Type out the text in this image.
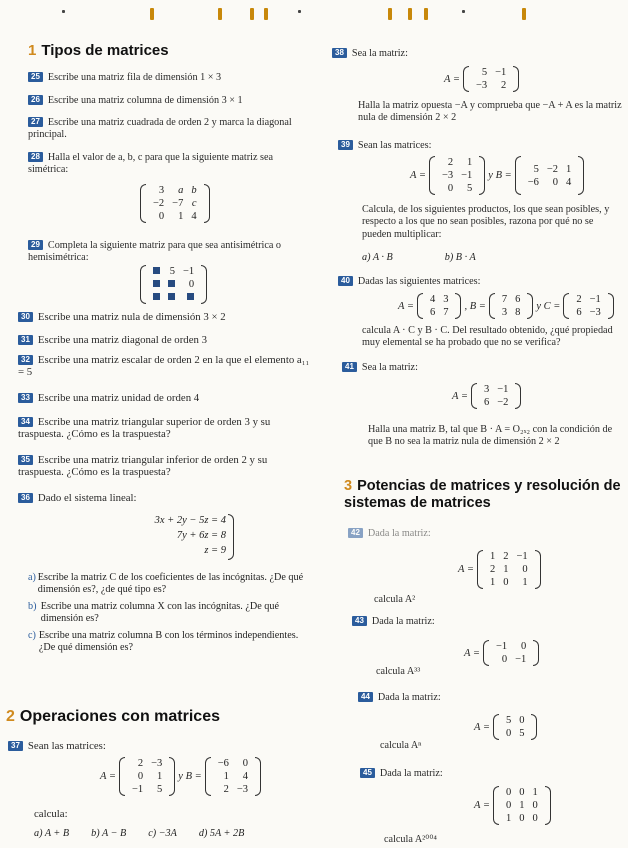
1 Tipos de matrices
25 Escribe una matriz fila de dimensión 1 × 3
26 Escribe una matriz columna de dimensión 3 × 1
27 Escribe una matriz cuadrada de orden 2 y marca la diagonal principal.
28 Halla el valor de a, b, c para que la siguiente matriz sea simétrica:
3	a	b
−2	−7	c
0	1	4
29 Completa la siguiente matriz para que sea antisimétrica o hemisimétrica:
	5	−1
		0

30 Escribe una matriz nula de dimensión 3 × 2
31 Escribe una matriz diagonal de orden 3
32 Escribe una matriz escalar de orden 2 en la que el elemento a₁₁ = 5
33 Escribe una matriz unidad de orden 4
34 Escribe una matriz triangular superior de orden 3 y su traspuesta. ¿Cómo es la traspuesta?
35 Escribe una matriz triangular inferior de orden 2 y su traspuesta. ¿Cómo es la traspuesta?
36 Dado el sistema lineal:
3x + 2y − 5z = 4
7y + 6z = 8
z = 9
a) Escribe la matriz C de los coeficientes de las incógnitas. ¿De qué dimensión es?, ¿de qué tipo es?
b) Escribe una matriz columna X con las incógnitas. ¿De qué dimensión es?
c) Escribe una matriz columna B con los términos independientes. ¿De qué dimensión es?
2 Operaciones con matrices
37 Sean las matrices:
A =
2	−3
0	1
−1	5
y B =
−6	0
1	4
2	−3
calcula:
a) A + B b) A − B c) −3A d) 5A + 2B
38 Sea la matriz:
A =
5	−1
−3	2
Halla la matriz opuesta −A y comprueba que −A + A es la matriz nula de dimensión 2 × 2
39 Sean las matrices:
A =
2	1
−3	−1
0	5
y B =
5	−2	1
−6	0	4
Calcula, de los siguientes productos, los que sean posibles, y respecto a los que no sean posibles, razona por qué no se pueden multiplicar:
a) A · B	b) B · A
40 Dadas las siguientes matrices:
A =
4	3
6	7
, B =
7	6
3	8
y C =
2	−1
6	−3
calcula A · C y B · C. Del resultado obtenido, ¿qué propiedad muy elemental se ha probado que no se verifica?
41 Sea la matriz:
A =
3	−1
6	−2
Halla una matriz B, tal que B · A = O₂ₓ₂ con la condición de que B no sea la matriz nula de dimensión 2 × 2
3 Potencias de matrices y resolución de sistemas de matrices
42 Dada la matriz:
A =
1	2	−1
2	1	0
1	0	1
calcula A²
43 Dada la matriz:
A =
−1	0
0	−1
calcula A³³
44 Dada la matriz:
A =
5	0
0	5
calcula Aⁿ
45 Dada la matriz:
A =
0	0	1
0	1	0
1	0	0
calcula A²⁰⁰⁴
